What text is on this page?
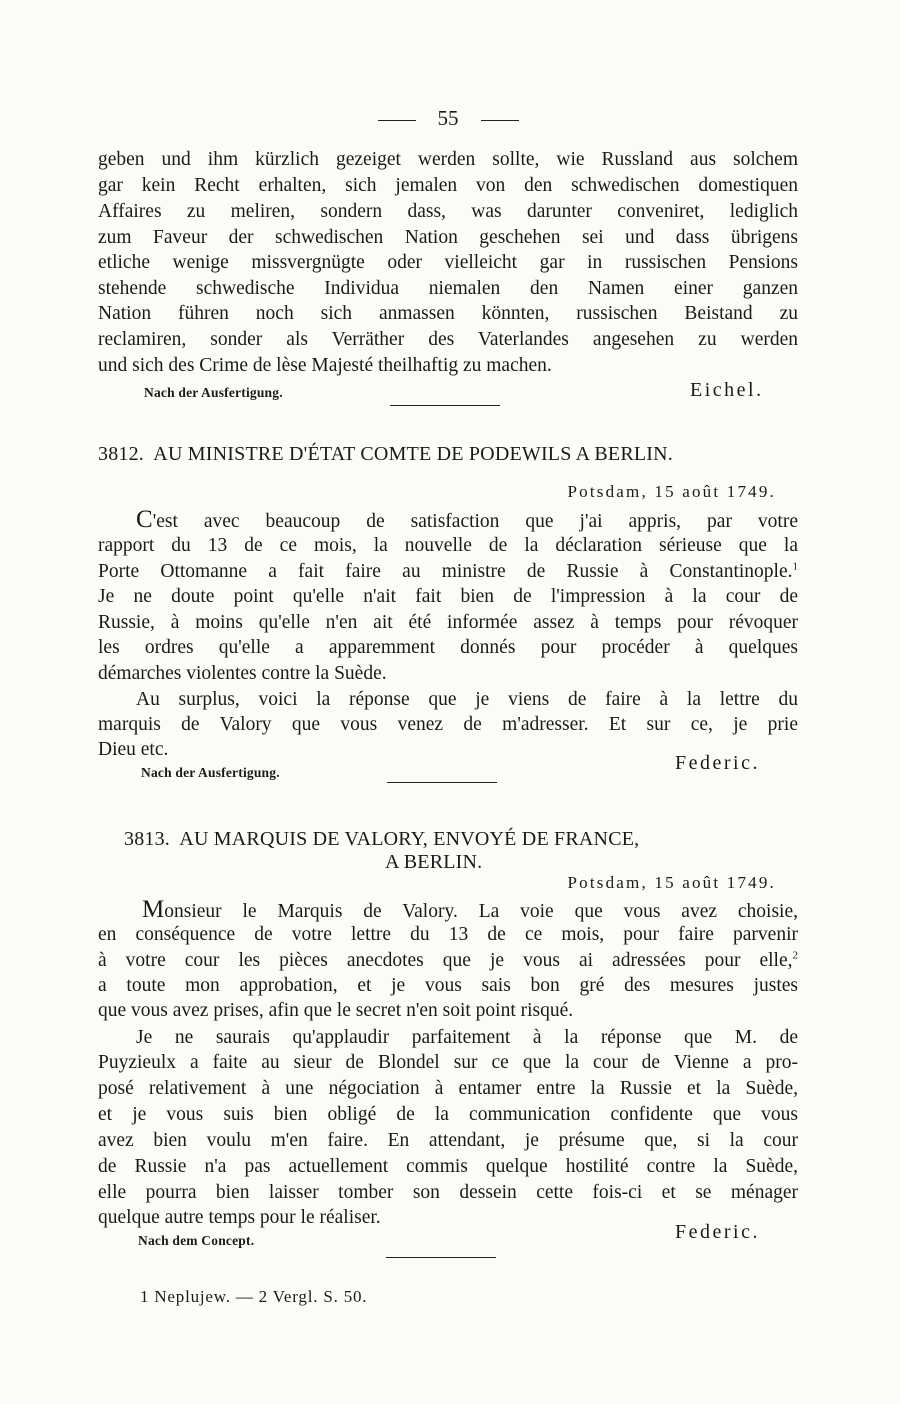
55
geben und ihm kürzlich gezeiget werden sollte, wie Russland aus solchem
gar kein Recht erhalten, sich jemalen von den schwedischen domestiquen
Affaires zu meliren, sondern dass, was darunter conveniret, lediglich
zum Faveur der schwedischen Nation geschehen sei und dass übrigens
etliche wenige missvergnügte oder vielleicht gar in russischen Pensions
stehende schwedische Individua niemalen den Namen einer ganzen
Nation führen noch sich anmassen könnten, russischen Beistand zu
reclamiren, sonder als Verräther des Vaterlandes angesehen zu werden
und sich des Crime de lèse Majesté theilhaftig zu machen.
Nach der Ausfertigung.	Eichel.
3812. AU MINISTRE D'ÉTAT COMTE DE PODEWILS A BERLIN.
Potsdam, 15 août 1749.
C'est avec beaucoup de satisfaction que j'ai appris, par votre
rapport du 13 de ce mois, la nouvelle de la déclaration sérieuse que la
Porte Ottomanne a fait faire au ministre de Russie à Constantinople.$^1$
Je ne doute point qu'elle n'ait fait bien de l'impression à la cour de
Russie, à moins qu'elle n'en ait été informée assez à temps pour révoquer
les ordres qu'elle a apparemment donnés pour procéder à quelques
démarches violentes contre la Suède.
Au surplus, voici la réponse que je viens de faire à la lettre du
marquis de Valory que vous venez de m'adresser. Et sur ce, je prie
Dieu etc.
Nach der Ausfertigung.	Federic.
3813. AU MARQUIS DE VALORY, ENVOYÉ DE FRANCE,
A BERLIN.
Potsdam, 15 août 1749.
Monsieur le Marquis de Valory. La voie que vous avez choisie,
en conséquence de votre lettre du 13 de ce mois, pour faire parvenir
à votre cour les pièces anecdotes que je vous ai adressées pour elle,$^2$
a toute mon approbation, et je vous sais bon gré des mesures justes
que vous avez prises, afin que le secret n'en soit point risqué.
Je ne saurais qu'applaudir parfaitement à la réponse que M. de
Puyzieulx a faite au sieur de Blondel sur ce que la cour de Vienne a pro-
posé relativement à une négociation à entamer entre la Russie et la Suède,
et je vous suis bien obligé de la communication confidente que vous
avez bien voulu m'en faire. En attendant, je présume que, si la cour
de Russie n'a pas actuellement commis quelque hostilité contre la Suède,
elle pourra bien laisser tomber son dessein cette fois-ci et se ménager
quelque autre temps pour le réaliser.
Nach dem Concept.	Federic.
1 Neplujew. — 2 Vergl. S. 50.
